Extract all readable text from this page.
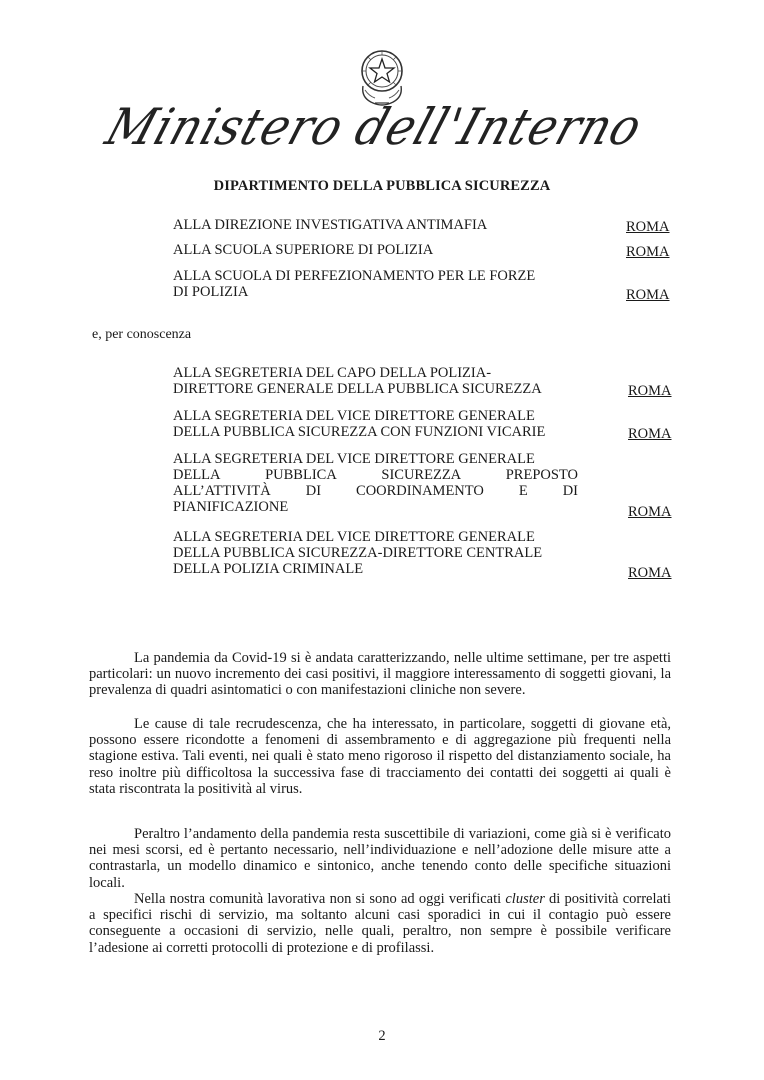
Ministero dell'Interno
DIPARTIMENTO DELLA PUBBLICA SICUREZZA
ALLA DIREZIONE INVESTIGATIVA ANTIMAFIA	ROMA
ALLA SCUOLA SUPERIORE DI POLIZIA	ROMA
ALLA SCUOLA DI PERFEZIONAMENTO PER LE FORZE
DI POLIZIA	ROMA
e, per conoscenza
ALLA SEGRETERIA DEL CAPO DELLA POLIZIA-
DIRETTORE GENERALE DELLA PUBBLICA SICUREZZA	ROMA
ALLA SEGRETERIA DEL VICE DIRETTORE GENERALE
DELLA PUBBLICA SICUREZZA CON FUNZIONI VICARIE	ROMA
ALLA SEGRETERIA DEL VICE DIRETTORE GENERALE
DELLA PUBBLICA SICUREZZA PREPOSTO
ALL’ATTIVITÀ DI COORDINAMENTO E DI
PIANIFICAZIONE	ROMA
ALLA SEGRETERIA DEL VICE DIRETTORE GENERALE
DELLA PUBBLICA SICUREZZA-DIRETTORE CENTRALE
DELLA POLIZIA CRIMINALE	ROMA

La pandemia da Covid-19 si è andata caratterizzando, nelle ultime settimane, per tre aspetti particolari: un nuovo incremento dei casi positivi, il maggiore interessamento di soggetti giovani, la prevalenza di quadri asintomatici o con manifestazioni cliniche non severe.

Le cause di tale recrudescenza, che ha interessato, in particolare, soggetti di giovane età, possono essere ricondotte a fenomeni di assembramento e di aggregazione più frequenti nella stagione estiva. Tali eventi, nei quali è stato meno rigoroso il rispetto del distanziamento sociale, ha reso inoltre più difficoltosa la successiva fase di tracciamento dei contatti dei soggetti ai quali è stata riscontrata la positività al virus.

Peraltro l’andamento della pandemia resta suscettibile di variazioni, come già si è verificato nei mesi scorsi, ed è pertanto necessario, nell’individuazione e nell’adozione delle misure atte a contrastarla, un modello dinamico e sintonico, anche tenendo conto delle specifiche situazioni locali.

Nella nostra comunità lavorativa non si sono ad oggi verificati cluster di positività correlati a specifici rischi di servizio, ma soltanto alcuni casi sporadici in cui il contagio può essere conseguente a occasioni di servizio, nelle quali, peraltro, non sempre è possibile verificare l’adesione ai corretti protocolli di protezione e di profilassi.

2
